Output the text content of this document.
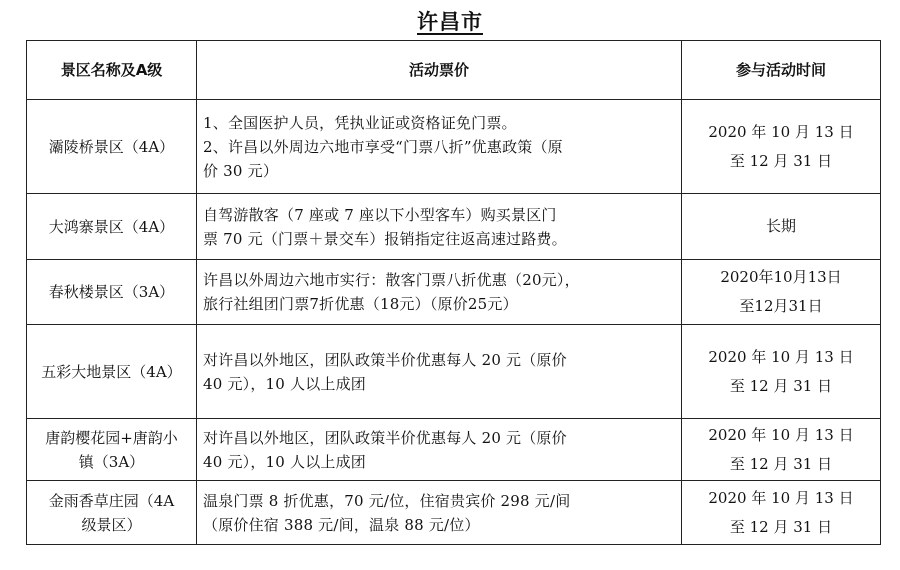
许昌市
景区名称及A级	活动票价	参与活动时间

灞陵桥景区（4A）	1、全国医护人员，凭执业证或资格证免门票。
2、许昌以外周边六地市享受“门票八折”优惠政策（原
价 30 元）	2020 年 10 月 13 日
至 12 月 31 日

大鸿寨景区（4A）	自驾游散客（7 座或 7 座以下小型客车）购买景区门
票 70 元（门票＋景交车）报销指定往返高速过路费。	长期

春秋楼景区（3A）	许昌以外周边六地市实行：散客门票八折优惠（20元），
旅行社组团门票7折优惠（18元）（原价25元）	2020年10月13日
至12月31日

五彩大地景区（4A）	对许昌以外地区，团队政策半价优惠每人 20 元（原价
40 元），10 人以上成团	2020 年 10 月 13 日
至 12 月 31 日

唐韵樱花园+唐韵小
镇（3A）	对许昌以外地区，团队政策半价优惠每人 20 元（原价
40 元），10 人以上成团	2020 年 10 月 13 日
至 12 月 31 日

金雨香草庄园（4A
级景区）	温泉门票 8 折优惠，70 元/位，住宿贵宾价 298 元/间
（原价住宿 388 元/间，温泉 88 元/位）	2020 年 10 月 13 日
至 12 月 31 日
